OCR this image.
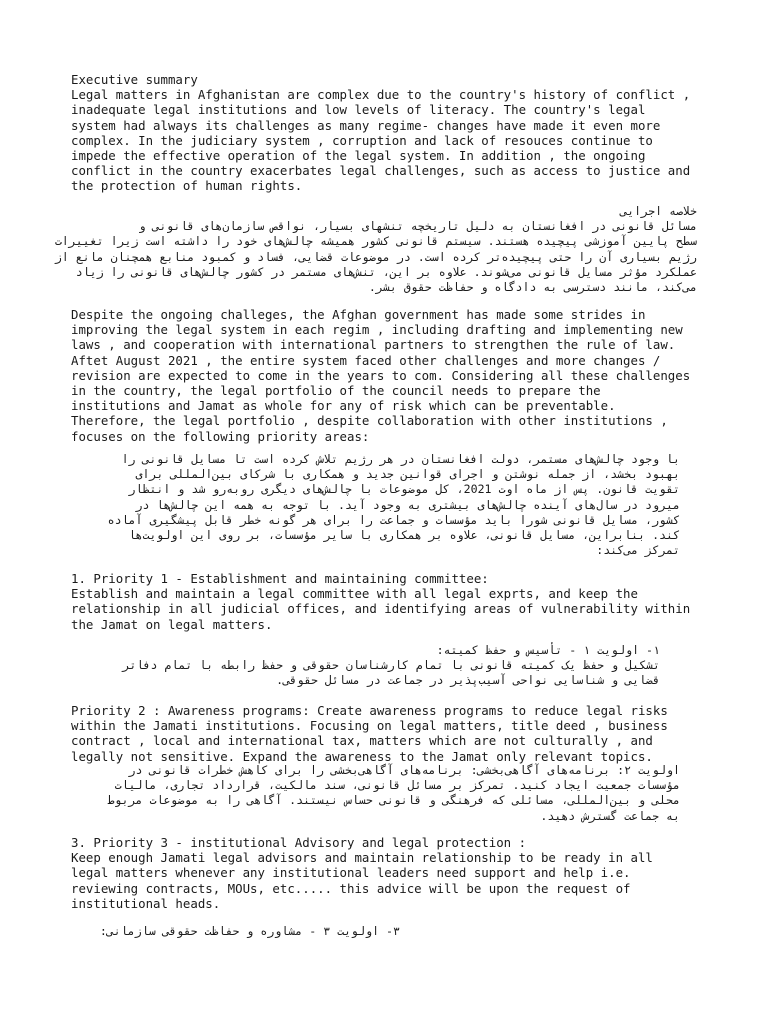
Executive summary

Legal matters in Afghanistan are complex due to the country's history of conflict ,

inadequate legal institutions and low levels of literacy. The country's legal

system had always its challenges as many regime- changes have made it even more

complex. In the judiciary system , corruption and lack of resouces continue to

impede the effective operation of the legal system. In addition , the ongoing

conflict in the country exacerbates legal challenges, such as access to justice and

the protection of human rights.

خلاصه اجرایی

مسائل قانونی در افغانستان به دلیل تاریخچه تنشهای بسیار، نواقص سازمان‌های قانونی و

سطح پایین آموزشی پیچیده هستند. سیستم قانونی کشور همیشه چالش‌های خود را داشته است زیرا تغییرات

رژیم بسیاری آن را حتی پیچیده‌تر کرده است. در موضوعات قضایی، فساد و کمبود منابع همچنان مانع از

عملکرد مؤثر مسایل قانونی می‌شوند. علاوه بر این، تنش‌های مستمر در کشور چالش‌های قانونی را زیاد

می‌کند، مانند دسترسی به دادگاه و حفاظت حقوق بشر.

Despite the ongoing challeges, the Afghan government has made some strides in

improving the legal system in each regim , including drafting and implementing new

laws , and cooperation with international partners to strengthen the rule of law.

Aftet August 2021 , the entire system faced other challenges and more changes /

revision are expected to come in the years to com. Considering all these challenges

in the country, the legal portfolio of the council needs to prepare the

institutions and Jamat as whole for any of risk which can be preventable.

Therefore, the legal portfolio , despite collaboration with other institutions ,

focuses on the following priority areas:

با وجود چالش‌های مستمر، دولت افغانستان در هر رژیم تلاش کرده است تا مسایل قانونی را

بهبود بخشد، از جمله نوشتن و اجرای قوانین جدید و همکاری با شرکای بین‌المللی برای

تقویت قانون. پس از ماه اوت 2021، کل موضوعات با چالش‌های دیگری روبه‌رو شد و انتظار

میرود در سال‌های آینده چالش‌های بیشتری به وجود آید. با توجه به همه این چالش‌ها در

کشور، مسایل قانونی شورا باید مؤسسات و جماعت را برای هر گونه خطر قابل پیشگیری آماده

کند. بنابراین، مسایل قانونی، علاوه بر همکاری با سایر مؤسسات، بر روی این اولویت‌ها

تمرکز می‌کند:

1. Priority 1 - Establishment and maintaining committee:

Establish and maintain a legal committee with all legal exprts, and keep the

relationship in all judicial offices, and identifying areas of vulnerability within

the Jamat on legal matters.

۱- اولویت ۱ - تأسیس و حفظ کمیته:

تشکیل و حفظ یک کمیته قانونی با تمام کارشناسان حقوقی و حفظ رابطه با تمام دفاتر

قضایی و شناسایی نواحی آسیب‌پذیر در جماعت در مسائل حقوقی.

Priority 2 : Awareness programs: Create awareness programs to reduce legal risks

within the Jamati institutions. Focusing on legal matters, title deed , business

contract , local and international tax, matters which are not culturally , and

legally not sensitive. Expand the awareness to the Jamat only relevant topics.

اولویت ۲: برنامه‌های آگاهی‌بخشی: برنامه‌های آگاهی‌بخشی را برای کاهش خطرات قانونی در

مؤسسات جمعیت ایجاد کنید. تمرکز بر مسائل قانونی، سند مالکیت، قرارداد تجاری، مالیات

محلی و بین‌المللی، مسائلی که فرهنگی و قانونی حساس نیستند. آگاهی را به موضوعات مربوط

به جماعت گسترش دهید.

3. Priority 3 - institutional Advisory and legal protection :

Keep enough Jamati legal advisors and maintain relationship to be ready in all

legal matters whenever any institutional leaders need support and help i.e.

reviewing contracts, MOUs, etc..... this advice will be upon the request of

institutional heads.

۳- اولویت ۳ - مشاوره و حفاظت حقوقی سازمانی:
